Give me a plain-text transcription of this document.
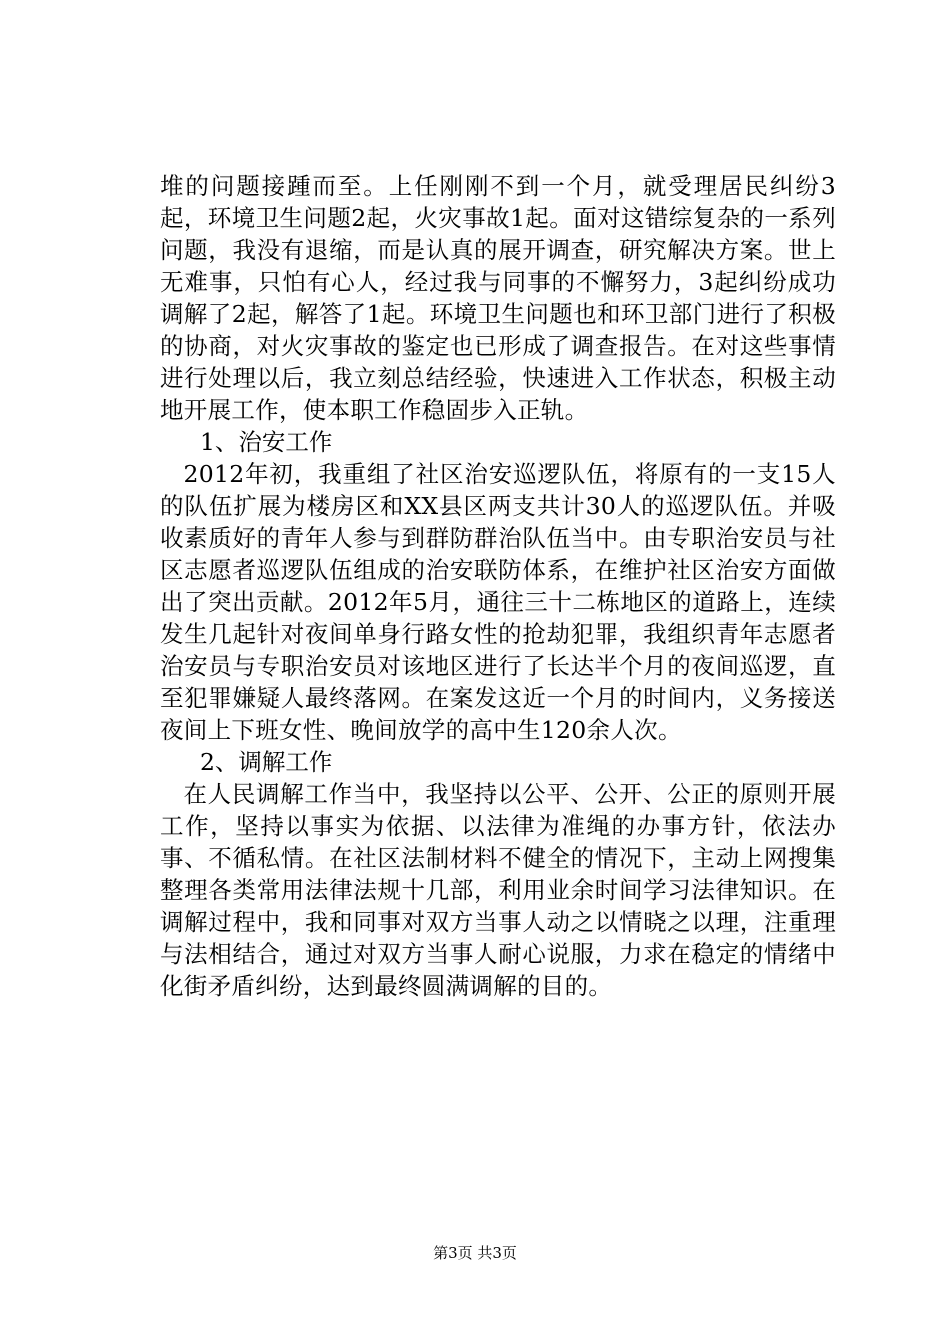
堆的问题接踵而至。上任刚刚不到一个月，就受理居民纠纷3起，环境卫生问题2起，火灾事故1起。面对这错综复杂的一系列问题，我没有退缩，而是认真的展开调查，研究解决方案。世上无难事，只怕有心人，经过我与同事的不懈努力，3起纠纷成功调解了2起，解答了1起。环境卫生问题也和环卫部门进行了积极的协商，对火灾事故的鉴定也已形成了调查报告。在对这些事情进行处理以后，我立刻总结经验，快速进入工作状态，积极主动地开展工作，使本职工作稳固步入正轨。

1、治安工作

2012年初，我重组了社区治安巡逻队伍，将原有的一支15人的队伍扩展为楼房区和XX县区两支共计30人的巡逻队伍。并吸收素质好的青年人参与到群防群治队伍当中。由专职治安员与社区志愿者巡逻队伍组成的治安联防体系，在维护社区治安方面做出了突出贡献。2012年5月，通往三十二栋地区的道路上，连续发生几起针对夜间单身行路女性的抢劫犯罪，我组织青年志愿者治安员与专职治安员对该地区进行了长达半个月的夜间巡逻，直至犯罪嫌疑人最终落网。在案发这近一个月的时间内，义务接送夜间上下班女性、晚间放学的高中生120余人次。

2、调解工作

在人民调解工作当中，我坚持以公平、公开、公正的原则开展工作，坚持以事实为依据、以法律为准绳的办事方针，依法办事、不循私情。在社区法制材料不健全的情况下，主动上网搜集整理各类常用法律法规十几部，利用业余时间学习法律知识。在调解过程中，我和同事对双方当事人动之以情晓之以理，注重理与法相结合，通过对双方当事人耐心说服，力求在稳定的情绪中化街矛盾纠纷，达到最终圆满调解的目的。

第3页 共3页
